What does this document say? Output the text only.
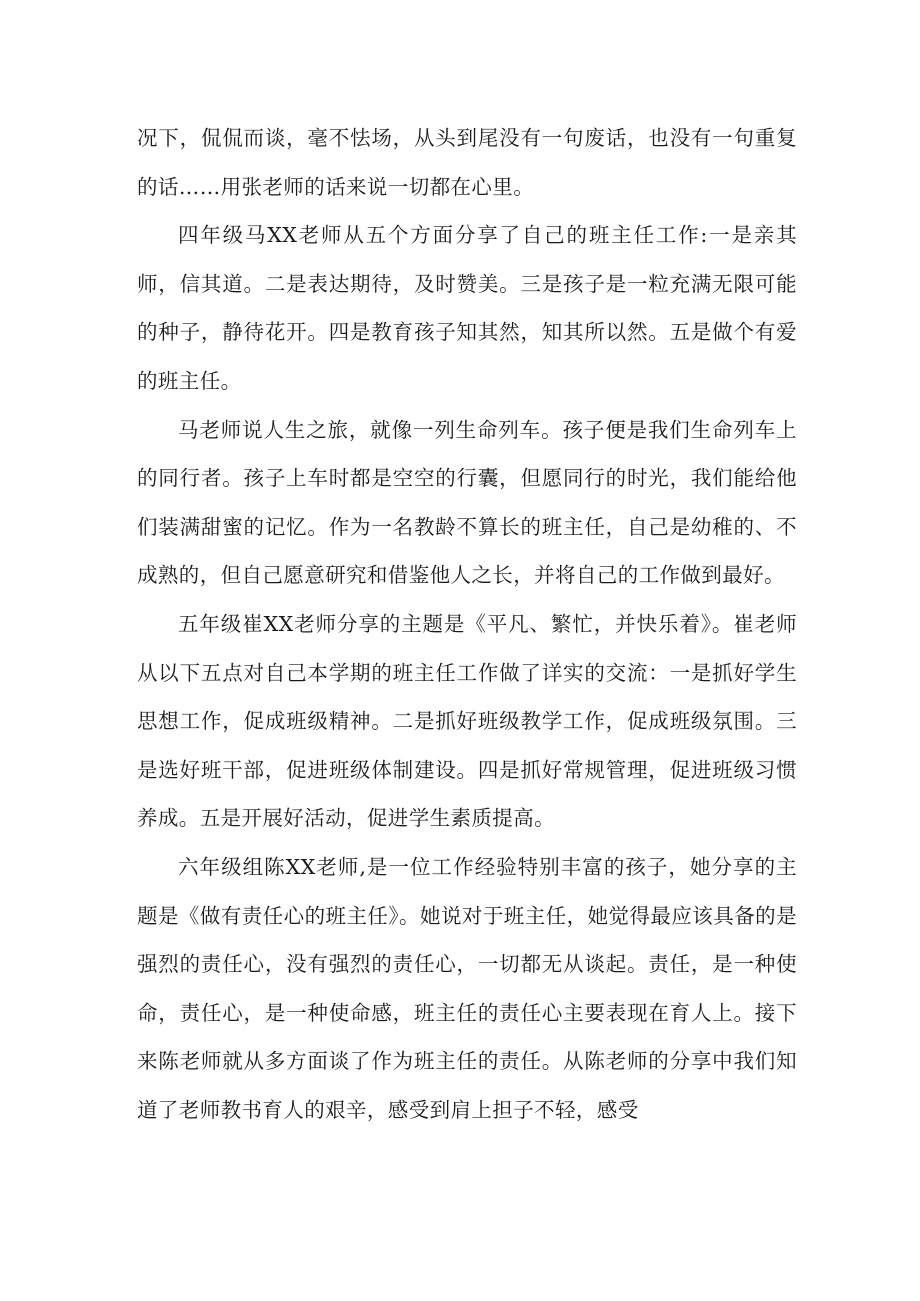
况下，侃侃而谈，毫不怯场，从头到尾没有一句废话，也没有一句重复的话……用张老师的话来说一切都在心里。

四年级马XX老师从五个方面分享了自己的班主任工作:一是亲其师，信其道。二是表达期待，及时赞美。三是孩子是一粒充满无限可能的种子，静待花开。四是教育孩子知其然，知其所以然。五是做个有爱的班主任。

马老师说人生之旅，就像一列生命列车。孩子便是我们生命列车上的同行者。孩子上车时都是空空的行囊，但愿同行的时光，我们能给他们装满甜蜜的记忆。作为一名教龄不算长的班主任，自己是幼稚的、不成熟的，但自己愿意研究和借鉴他人之长，并将自己的工作做到最好。

五年级崔XX老师分享的主题是《平凡、繁忙，并快乐着》。崔老师从以下五点对自己本学期的班主任工作做了详实的交流：一是抓好学生思想工作，促成班级精神。二是抓好班级教学工作，促成班级氛围。三是选好班干部，促进班级体制建设。四是抓好常规管理，促进班级习惯养成。五是开展好活动，促进学生素质提高。

六年级组陈XX老师,是一位工作经验特别丰富的孩子，她分享的主题是《做有责任心的班主任》。她说对于班主任，她觉得最应该具备的是强烈的责任心，没有强烈的责任心，一切都无从谈起。责任，是一种使命，责任心，是一种使命感，班主任的责任心主要表现在育人上。接下来陈老师就从多方面谈了作为班主任的责任。从陈老师的分享中我们知道了老师教书育人的艰辛，感受到肩上担子不轻，感受
